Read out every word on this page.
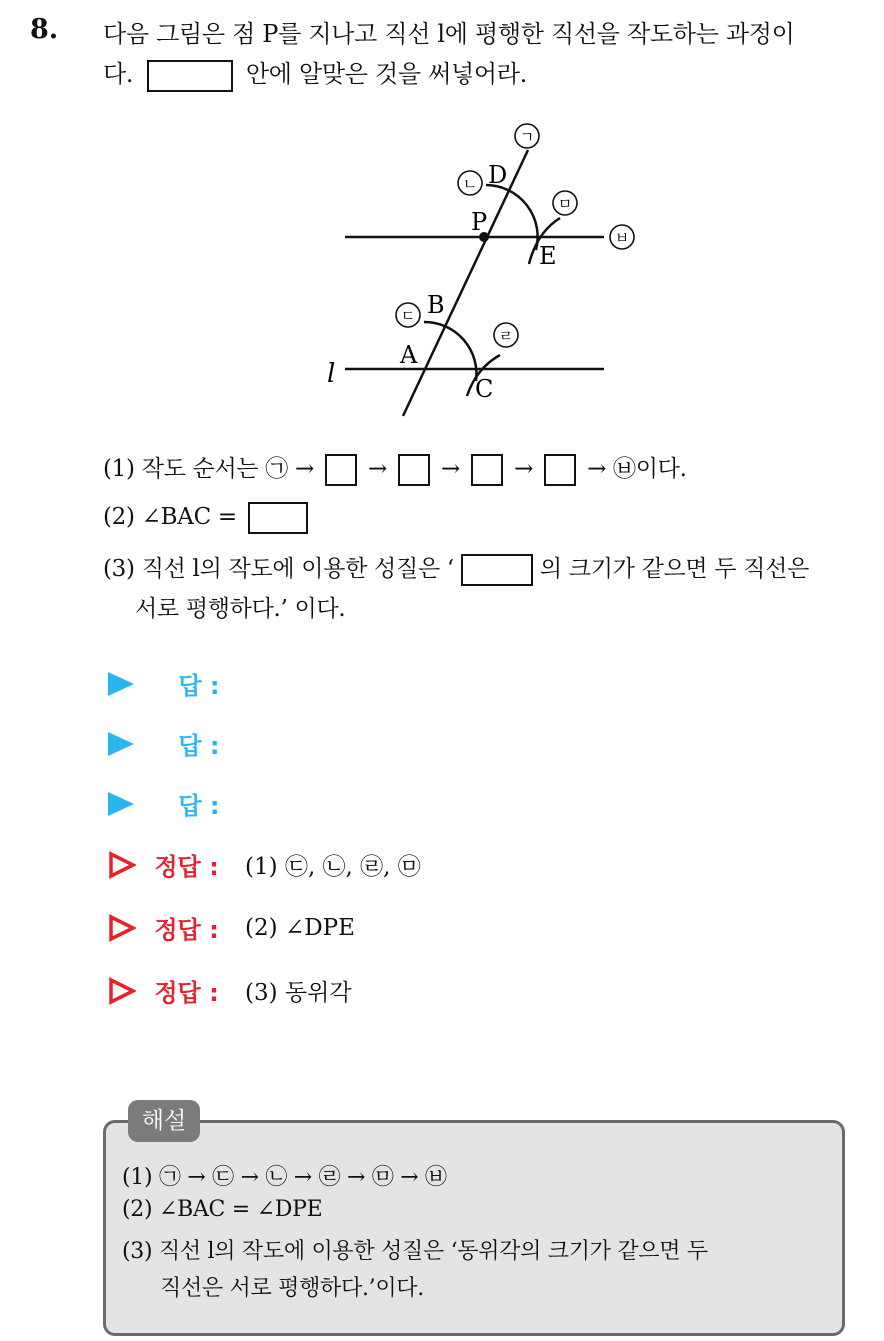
8. 다음 그림은 점 P를 지나고 직선 l에 평행한 직선을 작도하는 과정이
다.	안에 알맞은 것을 써넣어라.
ㄱ
ㄴ
ㅁ
ㅂ
ㄷ
ㄹ
D
P
E
B
A
C
l
(1) 작도 순서는 ㉠ → → → → → ㉥이다.
(2) ∠BAC =
(3) 직선 l의 작도에 이용한 성질은 ‘	의 크기가 같으면 두 직선은
서로 평행하다.’ 이다.
답 :
답 :
답 :
정답 : (1) ㉢, ㉡, ㉣, ㉤
정답 : (2) ∠DPE
정답 : (3) 동위각
해설
(1) ㉠ → ㉢ → ㉡ → ㉣ → ㉤ → ㉥
(2) ∠BAC = ∠DPE
(3) 직선 l의 작도에 이용한 성질은 ‘동위각의 크기가 같으면 두
직선은 서로 평행하다.’이다.
